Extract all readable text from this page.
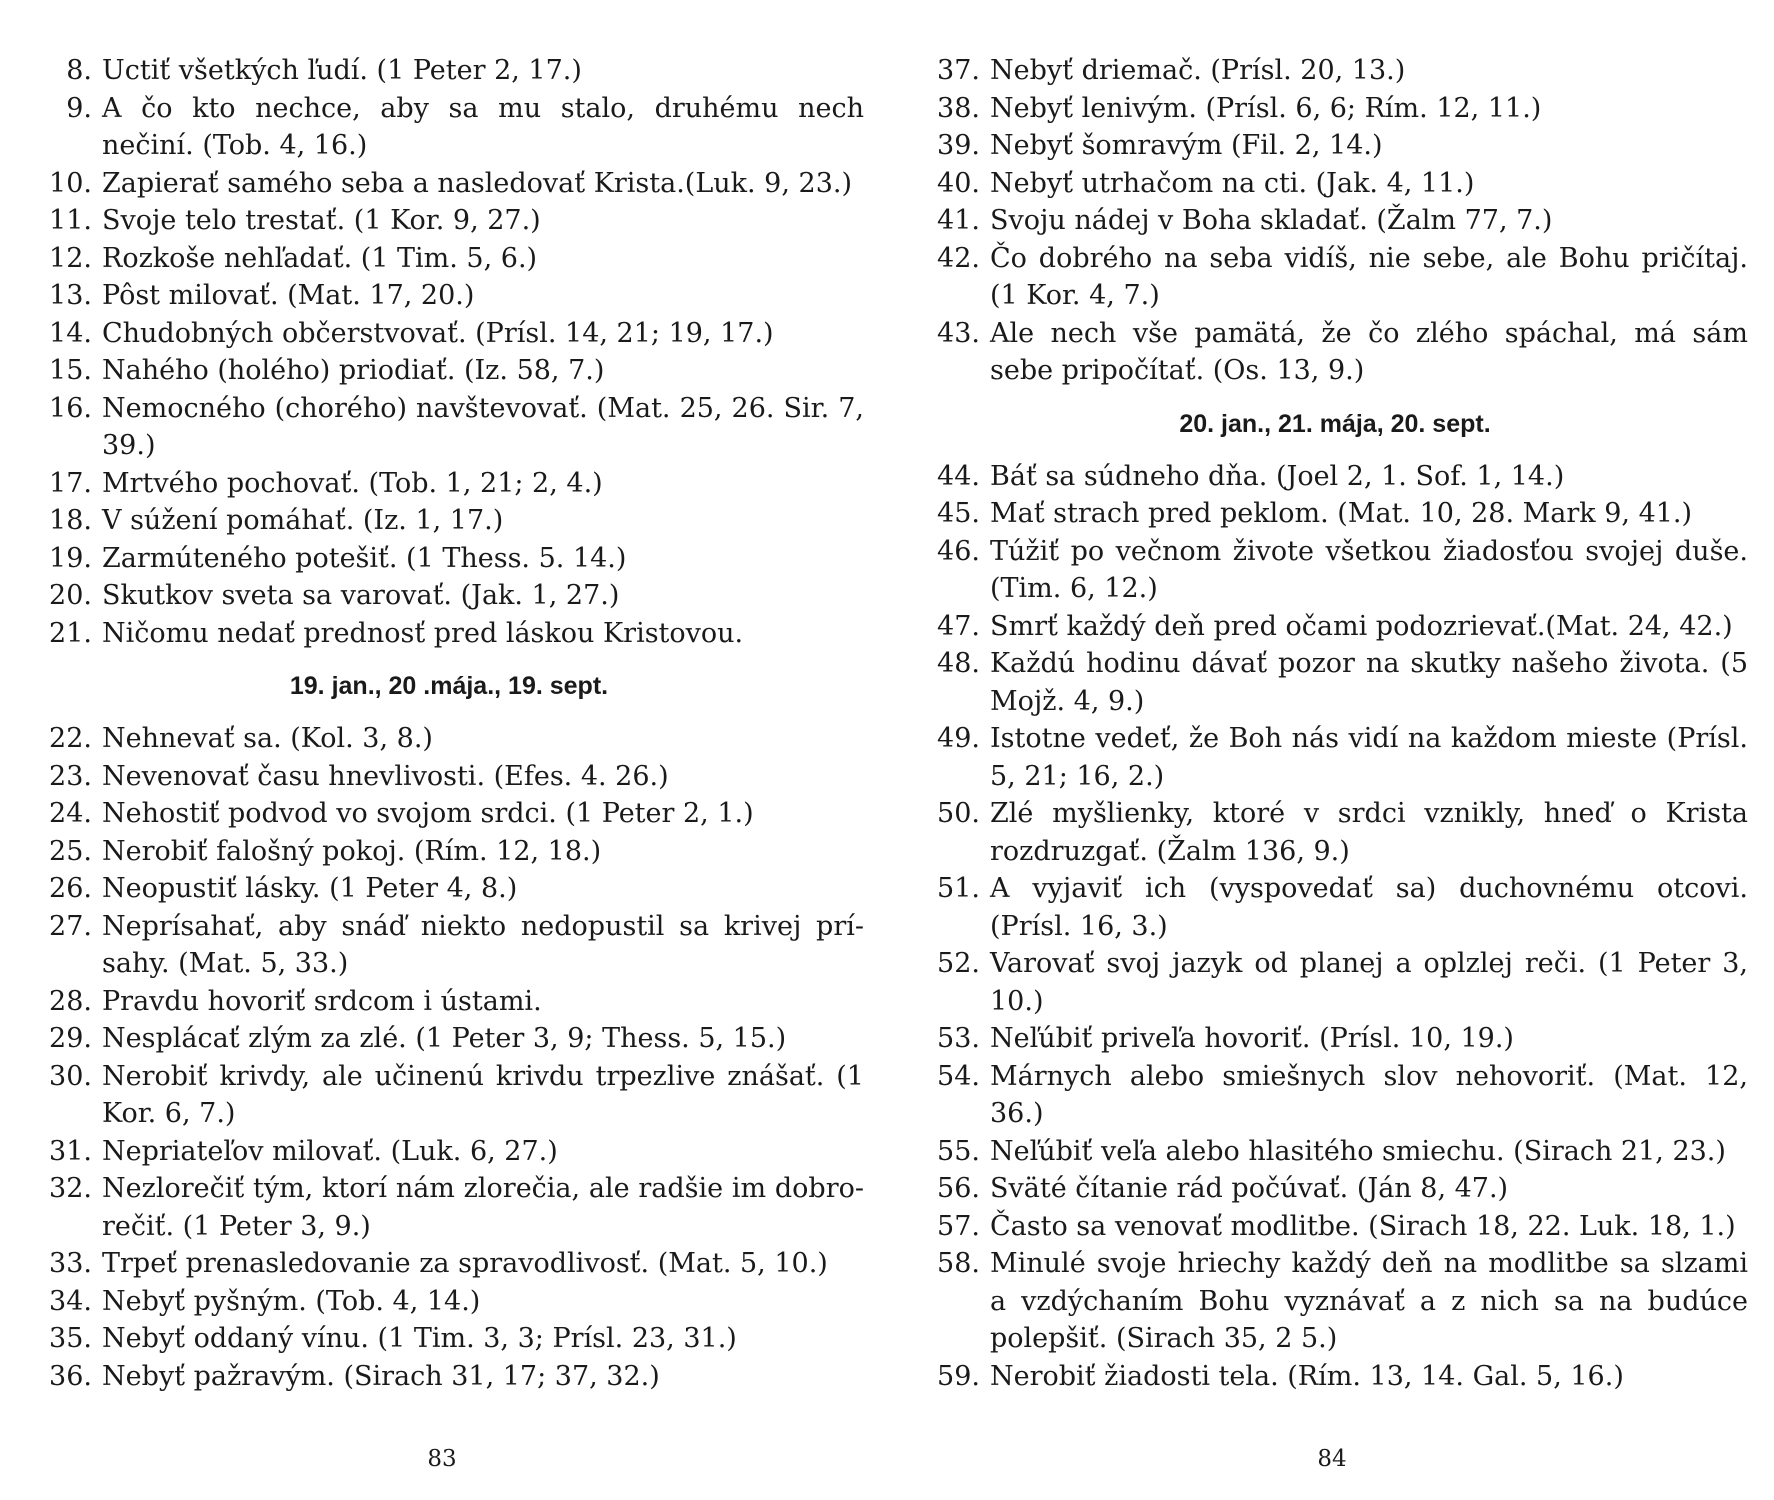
8. Uctiť všetkých ľudí. (1 Peter 2, 17.)
9. A čo kto nechce, aby sa mu stalo, druhému nech nečiní. (Tob. 4, 16.)
10. Zapierať samého seba a nasledovať Krista.(Luk. 9, 23.)
11. Svoje telo trestať. (1 Kor. 9, 27.)
12. Rozkoše nehľadať. (1 Tim. 5, 6.)
13. Pôst milovať. (Mat. 17, 20.)
14. Chudobných občerstvovať. (Prísl. 14, 21; 19, 17.)
15. Nahého (holého) priodiať. (Iz. 58, 7.)
16. Nemocného (chorého) navštevovať. (Mat. 25, 26. Sir. 7, 39.)
17. Mrtvého pochovať. (Tob. 1, 21; 2, 4.)
18. V súžení pomáhať. (Iz. 1, 17.)
19. Zarmúteného potešiť. (1 Thess. 5. 14.)
20. Skutkov sveta sa varovať. (Jak. 1, 27.)
21. Ničomu nedať prednosť pred láskou Kristovou.
19. jan., 20 .mája., 19. sept.
22. Nehnevať sa. (Kol. 3, 8.)
23. Nevenovať času hnevlivosti. (Efes. 4. 26.)
24. Nehostiť podvod vo svojom srdci. (1 Peter 2, 1.)
25. Nerobiť falošný pokoj. (Rím. 12, 18.)
26. Neopustiť lásky. (1 Peter 4, 8.)
27. Neprísahať, aby snáď niekto nedopustil sa krivej prí- sahy. (Mat. 5, 33.)
28. Pravdu hovoriť srdcom i ústami.
29. Nesplácať zlým za zlé. (1 Peter 3, 9; Thess. 5, 15.)
30. Nerobiť krivdy, ale učinenú krivdu trpezlive znášať. (1 Kor. 6, 7.)
31. Nepriateľov milovať. (Luk. 6, 27.)
32. Nezlorečiť tým, ktorí nám zlorečia, ale radšie im dobro- rečiť. (1 Peter 3, 9.)
33. Trpeť prenasledovanie za spravodlivosť. (Mat. 5, 10.)
34. Nebyť pyšným. (Tob. 4, 14.)
35. Nebyť oddaný vínu. (1 Tim. 3, 3; Prísl. 23, 31.)
36. Nebyť pažravým. (Sirach 31, 17; 37, 32.)
37. Nebyť driemač. (Prísl. 20, 13.)
38. Nebyť lenivým. (Prísl. 6, 6; Rím. 12, 11.)
39. Nebyť šomravým (Fil. 2, 14.)
40. Nebyť utrhačom na cti. (Jak. 4, 11.)
41. Svoju nádej v Boha skladať. (Žalm 77, 7.)
42. Čo dobrého na seba vidíš, nie sebe, ale Bohu pričítaj. (1 Kor. 4, 7.)
43. Ale nech vše pamätá, že čo zlého spáchal, má sám sebe pripočítať. (Os. 13, 9.)
20. jan., 21. mája, 20. sept.
44. Báť sa súdneho dňa. (Joel 2, 1. Sof. 1, 14.)
45. Mať strach pred peklom. (Mat. 10, 28. Mark 9, 41.)
46. Túžiť po večnom živote všetkou žiadosťou svojej duše. (Tim. 6, 12.)
47. Smrť každý deň pred očami podozrievať.(Mat. 24, 42.)
48. Každú hodinu dávať pozor na skutky našeho života. (5 Mojž. 4, 9.)
49. Istotne vedeť, že Boh nás vidí na každom mieste (Prísl. 5, 21; 16, 2.)
50. Zlé myšlienky, ktoré v srdci vznikly, hneď o Krista rozdruzgať. (Žalm 136, 9.)
51. A vyjaviť ich (vyspovedať sa) duchovnému otcovi. (Prísl. 16, 3.)
52. Varovať svoj jazyk od planej a oplzlej reči. (1 Peter 3, 10.)
53. Neľúbiť priveľa hovoriť. (Prísl. 10, 19.)
54. Márnych alebo smiešnych slov nehovoriť. (Mat. 12, 36.)
55. Neľúbiť veľa alebo hlasitého smiechu. (Sirach 21, 23.)
56. Sväté čítanie rád počúvať. (Ján 8, 47.)
57. Často sa venovať modlitbe. (Sirach 18, 22. Luk. 18, 1.)
58. Minulé svoje hriechy každý deň na modlitbe sa slzami a vzdýchaním Bohu vyznávať a z nich sa na budúce polepšiť. (Sirach 35, 2 5.)
59. Nerobiť žiadosti tela. (Rím. 13, 14. Gal. 5, 16.)
83	84
